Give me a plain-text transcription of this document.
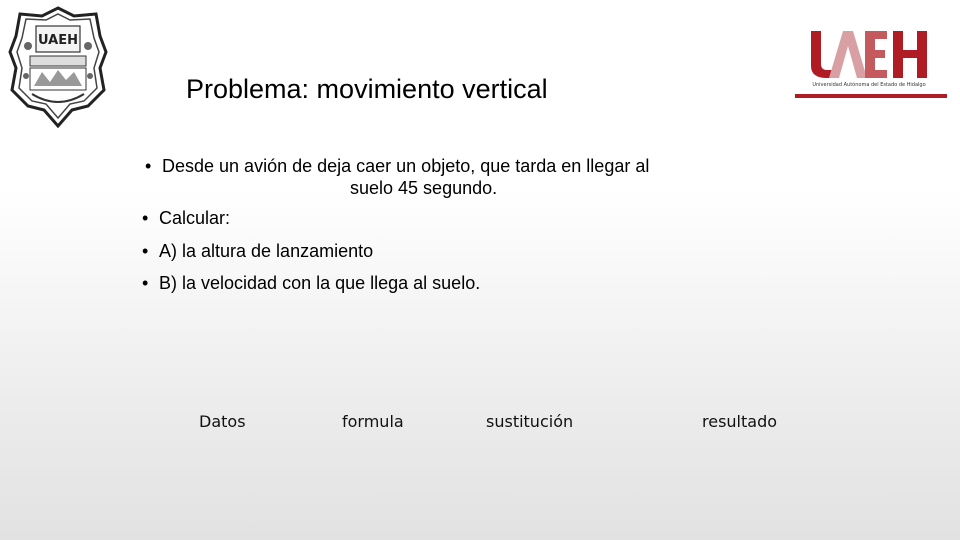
UAEH
Universidad Autónoma del Estado de Hidalgo
Problema: movimiento vertical
• Desde un avión de deja caer un objeto, que tarda en llegar al
suelo 45 segundo.
• Calcular:
• A) la altura de lanzamiento
• B) la velocidad con la que llega al suelo.
Datos	formula	sustitución	resultado
